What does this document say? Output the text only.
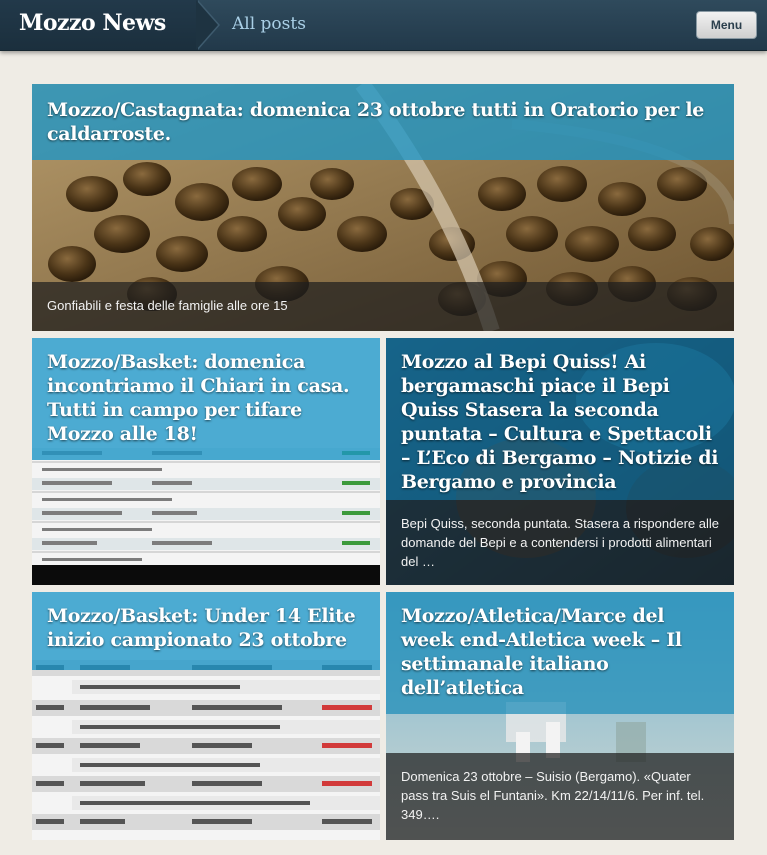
Mozzo News	All posts	Menu
Mozzo/Castagnata: domenica 23 ottobre tutti in Oratorio per le caldarroste.
Gonfiabili e festa delle famiglie alle ore 15
Mozzo/Basket: domenica incontriamo il Chiari in casa. Tutti in campo per tifare Mozzo alle 18!
Mozzo al Bepi Quiss! Ai bergamaschi piace il Bepi Quiss Stasera la seconda puntata – Cultura e Spettacoli – L’Eco di Bergamo – Notizie di Bergamo e provincia
Bepi Quiss, seconda puntata. Stasera a rispondere alle domande del Bepi e a contendersi i prodotti alimentari del …
Mozzo/Basket: Under 14 Elite inizio campionato 23 ottobre
Mozzo/Atletica/Marce del week end-Atletica week – Il settimanale italiano dell’atletica
Domenica 23 ottobre – Suisio (Bergamo). «Quater pass tra Suis el Funtani». Km 22/14/11/6. Per inf. tel. 349….
